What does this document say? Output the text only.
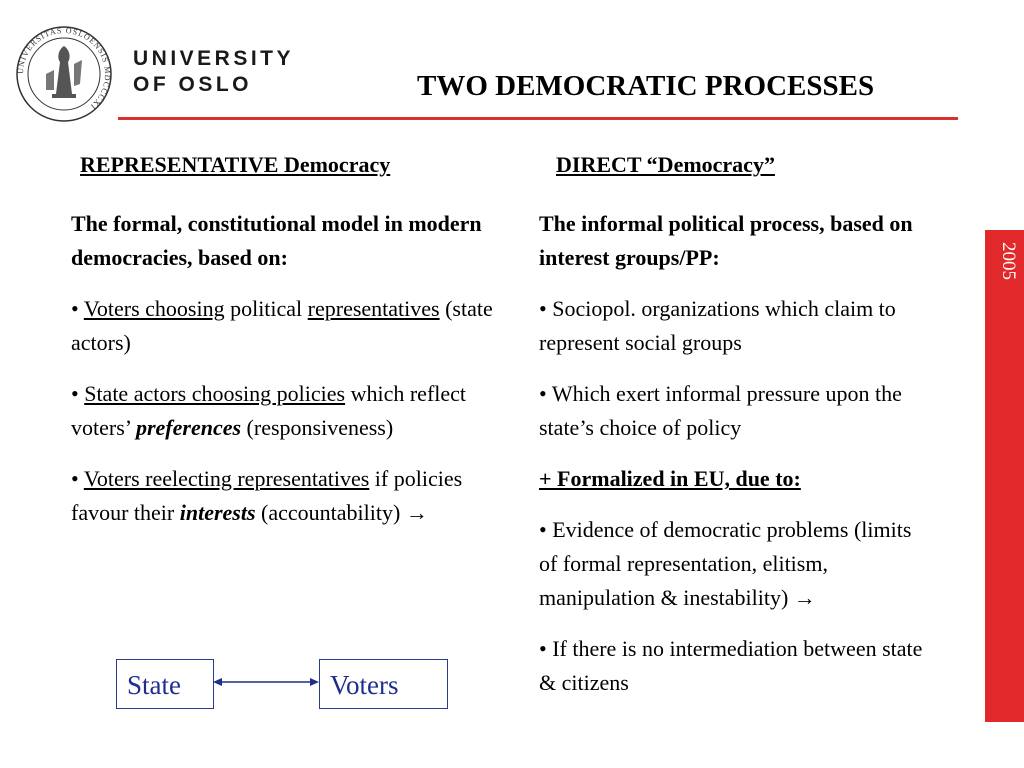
UNIVERSITAS OSLOENSIS MDCCCXI
UNIVERSITY
OF OSLO	TWO DEMOCRATIC PROCESSES
2005
REPRESENTATIVE Democracy

The formal, constitutional model in modern democracies, based on:

• Voters choosing political representatives (state actors)

• State actors choosing policies which reflect voters’ preferences (responsiveness)

• Voters reelecting representatives if policies favour their interests (accountability) →

DIRECT “Democracy”

The informal political process, based on interest groups/PP:

• Sociopol. organizations which claim to represent social groups

• Which exert informal pressure upon the state’s choice of policy

+ Formalized in EU, due to:

• Evidence of democratic problems (limits of formal representation, elitism, manipulation & inestability) →

• If there is no intermediation between state & citizens

State	Voters
